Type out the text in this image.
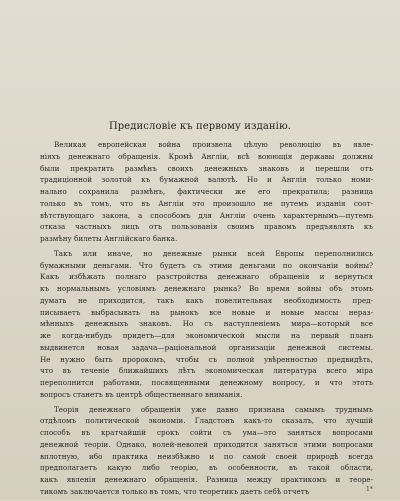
Предисловіе къ первому изданію.
Великая европейская война произвела цѣлую революцію въ явле-
ніяхъ денежнаго обращенія. Кромѣ Англіи, всѣ воюющія державы должны
были прекратить размѣнъ своихъ денежныхъ знаковъ и перешли отъ
традиціонной золотой къ бумажной валютѣ. Но и Англія только номи-
нально сохранила размѣнъ, фактически же его прекратила; разница
только въ томъ, что въ Англіи это произошло не путемъ изданія соот-
вѣтствующаго закона, а способомъ для Англіи очень характернымъ—путемъ
отказа частныхъ лицъ отъ пользованія своимъ правомъ предъявлять къ
размѣну билеты Англійскаго банка.
Такъ или иначе, но денежные рынки всей Европы переполнились
бумажными деньгами. Что будетъ съ этими деньгами по окончаніи войны?
Какъ избѣжать полнаго разстройства денежнаго обращенія и вернуться
къ нормальнымъ условіямъ денежнаго рынка? Во время войны объ этомъ
думать не приходится, такъ какъ повелительная необходимость пред-
писываетъ выбрасывать на рынокъ все новые и новые массы нераз-
мѣнныхъ денежныхъ знаковъ. Но съ наступленіемъ мира—который все
же когда-нибудь придетъ—для экономической мысли на первый планъ
выдвинется новая задача—раціональной организаціи денежной системы.
Не нужно быть пророкомъ, чтобы съ полной увѣренностью предвидѣть,
что въ теченіе ближайшихъ лѣтъ экономическая литература всего міра
переполнится работами, посвященными денежному вопросу, и что этотъ
вопросъ станетъ въ центрѣ общественнаго вниманія.
Теорія денежнаго обращенія уже давно признана самымъ труднымъ
отдѣломъ политической экономіи. Гладстонъ какъ-то сказалъ, что лучшій
способъ въ кратчайшій срокъ сойти съ ума—это заняться вопросами
денежной теоріи. Однако, волей-неволей приходится заняться этими вопросами
вплотную, ибо практика неизбѣжно и по самой своей природѣ всегда
предполагаетъ какую либо теорію, въ особенности, въ такой области,
какъ явленія денежнаго обращенія. Разница между практикомъ и теоре-
тикомъ заключается только въ томъ, что теоретикъ даетъ себѣ отчетъ	1*
